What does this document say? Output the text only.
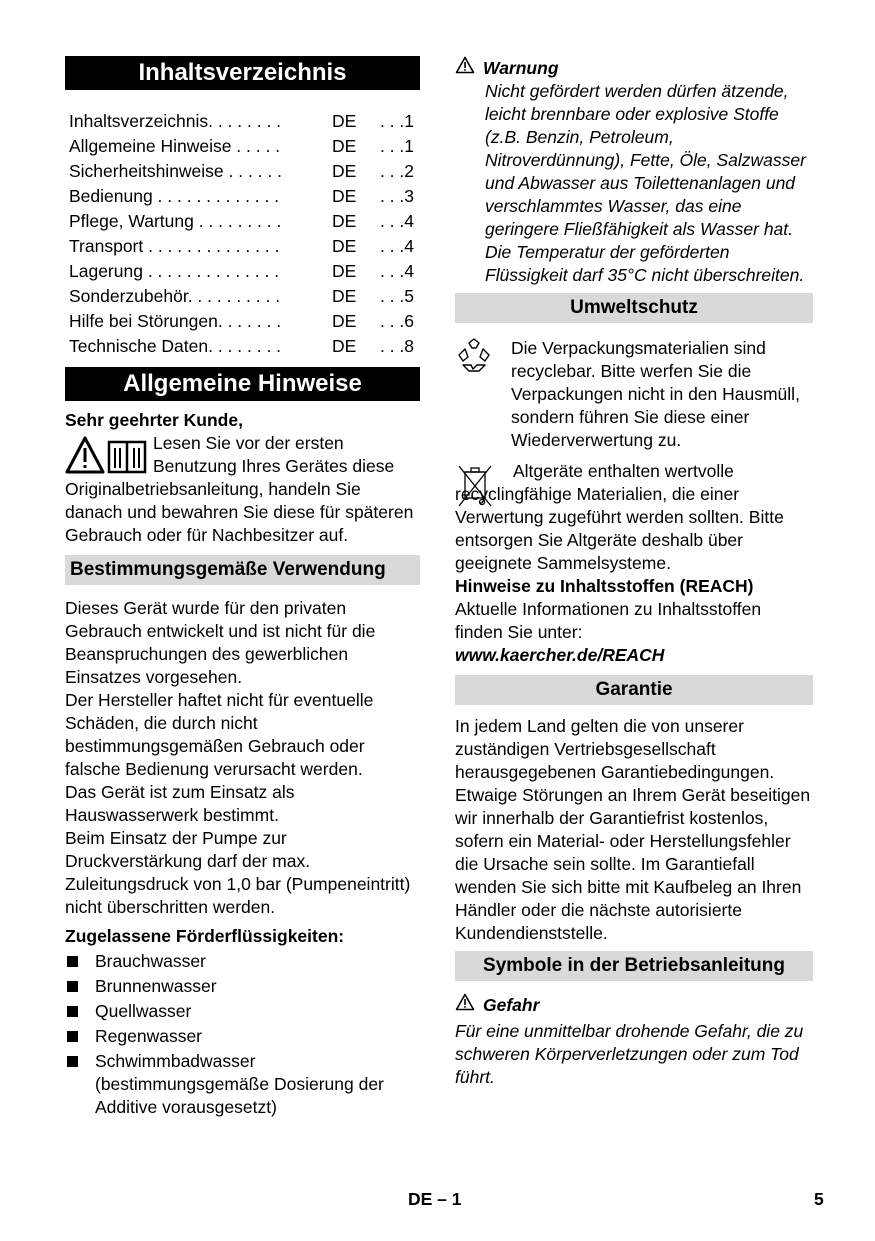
Inhaltsverzeichnis
Inhaltsverzeichnis. . . . . . . .	DE	. . .1
Allgemeine Hinweise . . . . .	DE	. . .1
Sicherheitshinweise . . . . . .	DE	. . .2
Bedienung . . . . . . . . . . . . .	DE	. . .3
Pflege, Wartung . . . . . . . . .	DE	. . .4
Transport . . . . . . . . . . . . . .	DE	. . .4
Lagerung . . . . . . . . . . . . . .	DE	. . .4
Sonderzubehör. . . . . . . . . .	DE	. . .5
Hilfe bei Störungen. . . . . . .	DE	. . .6
Technische Daten. . . . . . . .	DE	. . .8
Allgemeine Hinweise

Sehr geehrter Kunde,

Lesen Sie vor der ersten Benutzung Ihres Gerätes diese Originalbetriebsanleitung, handeln Sie danach und bewahren Sie diese für späteren Gebrauch oder für Nachbesitzer auf.

Bestimmungsgemäße Verwendung

Dieses Gerät wurde für den privaten Gebrauch entwickelt und ist nicht für die Beanspruchungen des gewerblichen Einsatzes vorgesehen.

Der Hersteller haftet nicht für eventuelle Schäden, die durch nicht bestimmungsgemäßen Gebrauch oder falsche Bedienung verursacht werden.

Das Gerät ist zum Einsatz als Hauswasserwerk bestimmt.

Beim Einsatz der Pumpe zur Druckverstärkung darf der max. Zuleitungsdruck von 1,0 bar (Pumpeneintritt) nicht überschritten werden.

Zugelassene Förderflüssigkeiten:

Brauchwasser
Brunnenwasser
Quellwasser
Regenwasser
Schwimmbadwasser (bestimmungsgemäße Dosierung der Additive vorausgesetzt)
Warnung

Nicht gefördert werden dürfen ätzende, leicht brennbare oder explosive Stoffe (z.B. Benzin, Petroleum, Nitroverdünnung), Fette, Öle, Salzwasser und Abwasser aus Toilettenanlagen und verschlammtes Wasser, das eine geringere Fließfähigkeit als Wasser hat. Die Temperatur der geförderten Flüssigkeit darf 35°C nicht überschreiten.

Umweltschutz

Die Verpackungsmaterialien sind recyclebar. Bitte werfen Sie die Verpackungen nicht in den Hausmüll, sondern führen Sie diese einer Wiederverwertung zu.

Altgeräte enthalten wertvolle recyclingfähige Materialien, die einer Verwertung zugeführt werden sollten. Bitte entsorgen Sie Altgeräte deshalb über geeignete Sammelsysteme.

Hinweise zu Inhaltsstoffen (REACH)

Aktuelle Informationen zu Inhaltsstoffen finden Sie unter:

www.kaercher.de/REACH

Garantie

In jedem Land gelten die von unserer zuständigen Vertriebsgesellschaft herausgegebenen Garantiebedingungen. Etwaige Störungen an Ihrem Gerät beseitigen wir innerhalb der Garantiefrist kostenlos, sofern ein Material- oder Herstellungsfehler die Ursache sein sollte. Im Garantiefall wenden Sie sich bitte mit Kaufbeleg an Ihren Händler oder die nächste autorisierte Kundendienststelle.

Symbole in der Betriebsanleitung
Gefahr

Für eine unmittelbar drohende Gefahr, die zu schweren Körperverletzungen oder zum Tod führt.

DE – 1	5
